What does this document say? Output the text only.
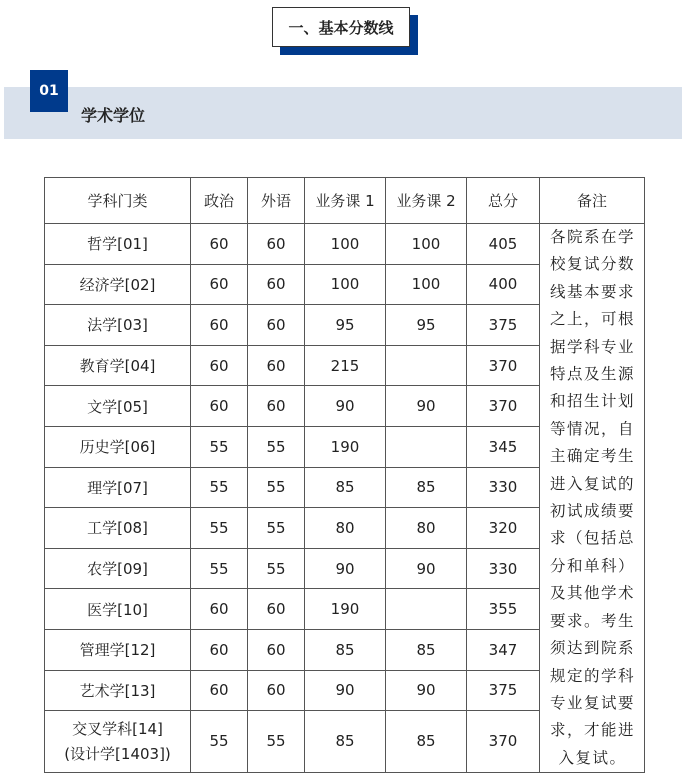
一、基本分数线
01
学术学位
学科门类	政治	外语	业务课 1	业务课 2	总分	备注
哲学[01]	60	60	100	100	405	各院系在学校复试分数线基本要求之上，可根据学科专业特点及生源和招生计划等情况，自主确定考生进入复试的初试成绩要求（包括总分和单科）及其他学术要求。考生须达到院系规定的学科专业复试要求，才能进入复试。

经济学[02]	60	60	100	100	400	
法学[03]	60	60	95	95	375	
教育学[04]	60	60	215		370	
文学[05]	60	60	90	90	370	
历史学[06]	55	55	190		345	
理学[07]	55	55	85	85	330	
工学[08]	55	55	80	80	320	
农学[09]	55	55	90	90	330	
医学[10]	60	60	190		355	
管理学[12]	60	60	85	85	347	
艺术学[13]	60	60	90	90	375	

交叉学科[14]
(设计学[1403])	55	55	85	85	370	
